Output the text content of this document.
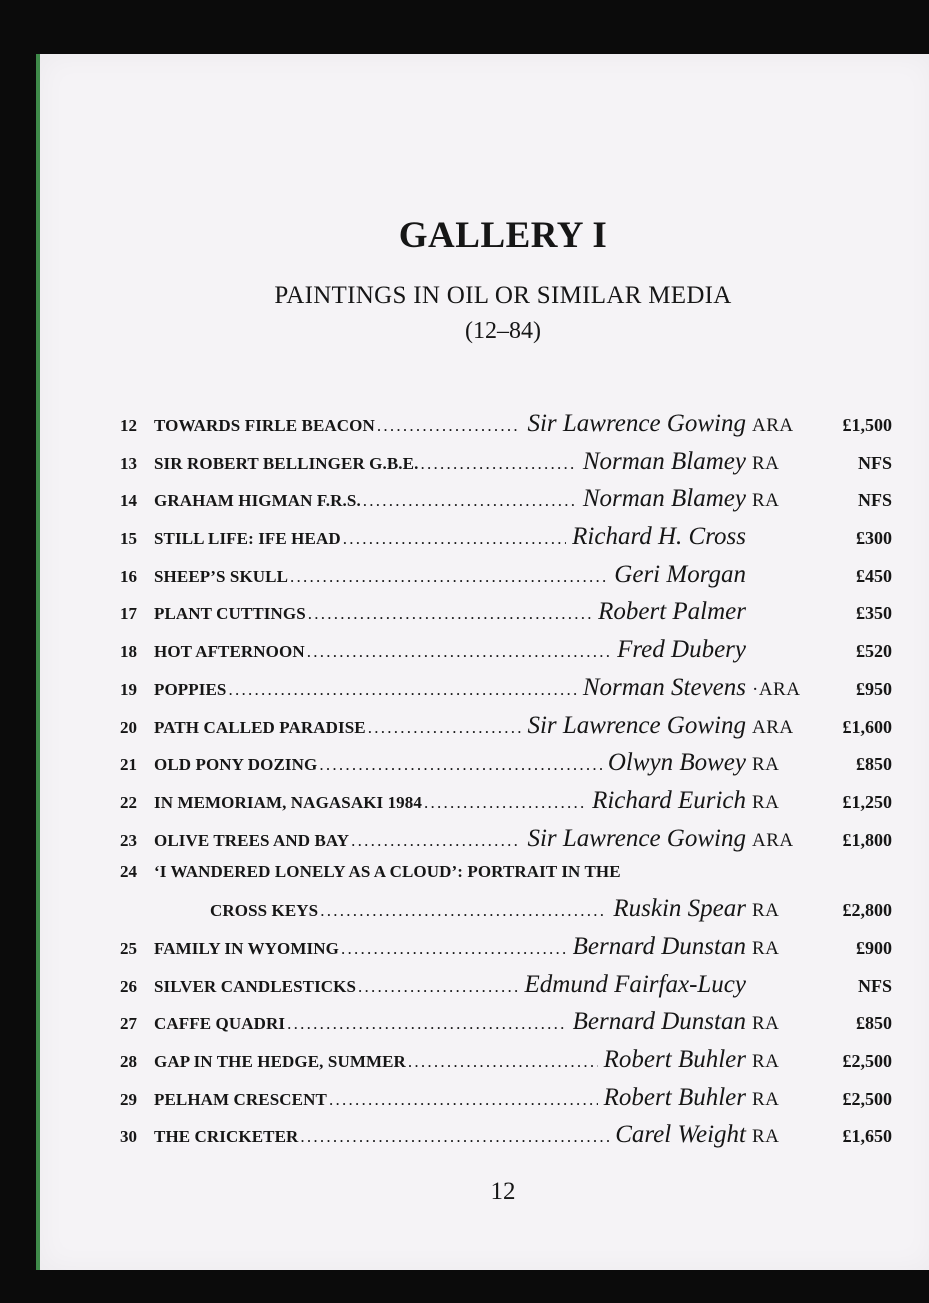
GALLERY I
PAINTINGS IN OIL OR SIMILAR MEDIA
(12–84)
12	TOWARDS FIRLE BEACON . . .	Sir Lawrence Gowing ARA	£1,500
13	SIR ROBERT BELLINGER G.B.E. . . .	Norman Blamey RA	NFS
14	GRAHAM HIGMAN F.R.S. . . .	Norman Blamey RA	NFS
15	STILL LIFE: IFE HEAD . . .	Richard H. Cross	£300
16	SHEEP’S SKULL . . .	Geri Morgan	£450
17	PLANT CUTTINGS . . .	Robert Palmer	£350
18	HOT AFTERNOON . . .	Fred Dubery	£520
19	POPPIES . . .	Norman Stevens ·ARA	£950
20	PATH CALLED PARADISE . . .	Sir Lawrence Gowing ARA	£1,600
21	OLD PONY DOZING . . .	Olwyn Bowey RA	£850
22	IN MEMORIAM, NAGASAKI 1984 . . .	Richard Eurich RA	£1,250
23	OLIVE TREES AND BAY . . .	Sir Lawrence Gowing ARA	£1,800
24	‘I WANDERED LONELY AS A CLOUD’: PORTRAIT IN THE
CROSS KEYS . . .	Ruskin Spear RA	£2,800
25	FAMILY IN WYOMING . . .	Bernard Dunstan RA	£900
26	SILVER CANDLESTICKS . . .	Edmund Fairfax-Lucy	NFS
27	CAFFE QUADRI . . .	Bernard Dunstan RA	£850
28	GAP IN THE HEDGE, SUMMER . . .	Robert Buhler RA	£2,500
29	PELHAM CRESCENT . . .	Robert Buhler RA	£2,500
30	THE CRICKETER . . .	Carel Weight RA	£1,650
12
